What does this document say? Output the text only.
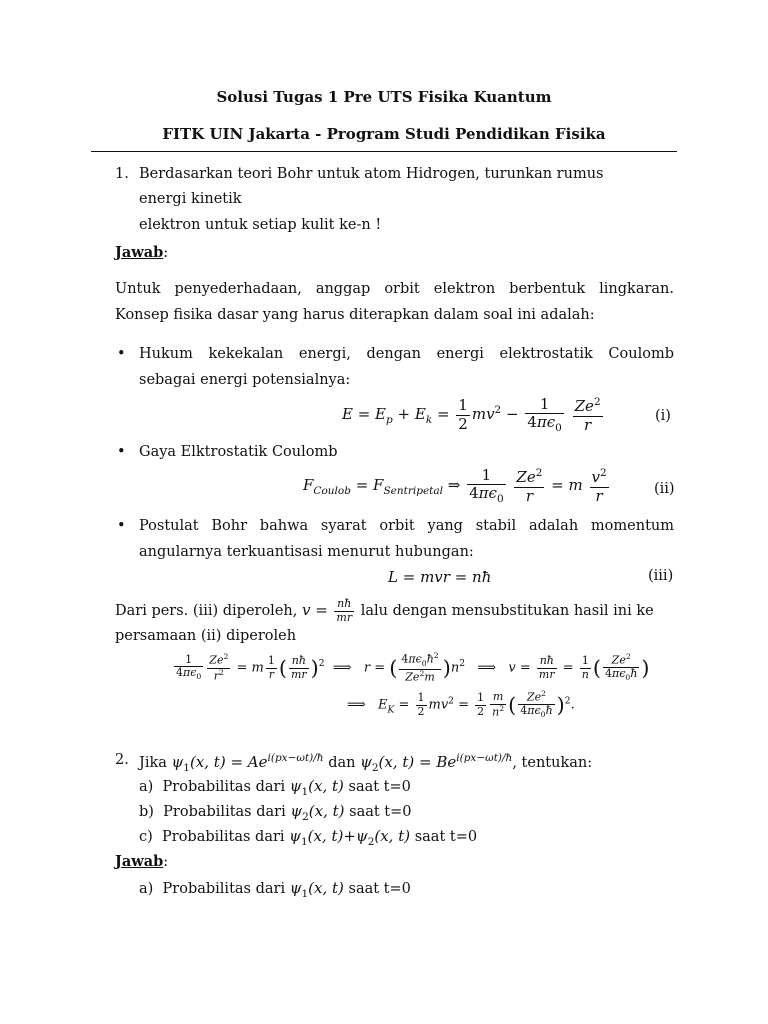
Solusi Tugas 1 Pre UTS Fisika Kuantum
FITK UIN Jakarta - Program Studi Pendidikan Fisika
1. Berdasarkan teori Bohr untuk atom Hidrogen, turunkan rumus
energi kinetik
elektron untuk setiap kulit ke-n !
Jawab:
Untuk penyederhadaan, anggap orbit elektron berbentuk lingkaran.
Konsep fisika dasar yang harus diterapkan dalam soal ini adalah:
• Hukum kekekalan energi, dengan energi elektrostatik Coulomb
sebagai energi potensialnya:
$E = E_p + E_k = \frac{1}{2} mv^2 - \frac{1}{4\pi\epsilon_0}$
$\frac{Ze^2}{r}$	(i)
• Gaya Elktrostatik Coulomb
$F_{Coulob} = F_{Sentripetal}$ ⇒ $\frac{1}{4\pi\epsilon_0}$
$\frac{Ze^2}{r} = m \frac{v^2}{r}$	(ii)
• Postulat Bohr bahwa syarat orbit yang stabil adalah momentum
angularnya terkuantisasi menurut hubungan:
L = mvr = nħ	(iii)
Dari pers. (iii) diperoleh, $v = \frac{nħ}{mr}$ lalu dengan mensubstitukan hasil ini ke
persamaan (ii) diperoleh
$\frac{1}{4\pi\epsilon_0} \frac{Ze^2}{r^2} = m \frac{1}{r}$ ( $\frac{nħ}{mr} )^2$  ⟹   r = ( $\frac{4\pi\epsilon_0ħ^2}{Ze^2m} )n^2$   ⟹   $v = \frac{nħ}{mr} = \frac{1}{n}$ ( $\frac{Ze^2}{4\pi\epsilon_0ħ}$ )
⟹   $E_K = \frac{1}{2} mv^2 = \frac{1}{2} \frac{m}{n^2}$ ( $\frac{Ze^2}{4\pi\epsilon_0ħ} )^2$.
2. Jika $\psi_1(x$, $t) = Ae^{i(px-\omega t)/ħ}$ dan $\psi_2(x$, $t) = Be^{i(px-\omega t)/ħ}$, tentukan:
a) Probabilitas dari $\psi_1(x$, t) saat t=0
b) Probabilitas dari $\psi_2(x$, t) saat t=0
c) Probabilitas dari $\psi_1(x$, $t)+\psi_2(x$, t) saat t=0
Jawab:
a) Probabilitas dari $\psi_1(x$, t) saat t=0
